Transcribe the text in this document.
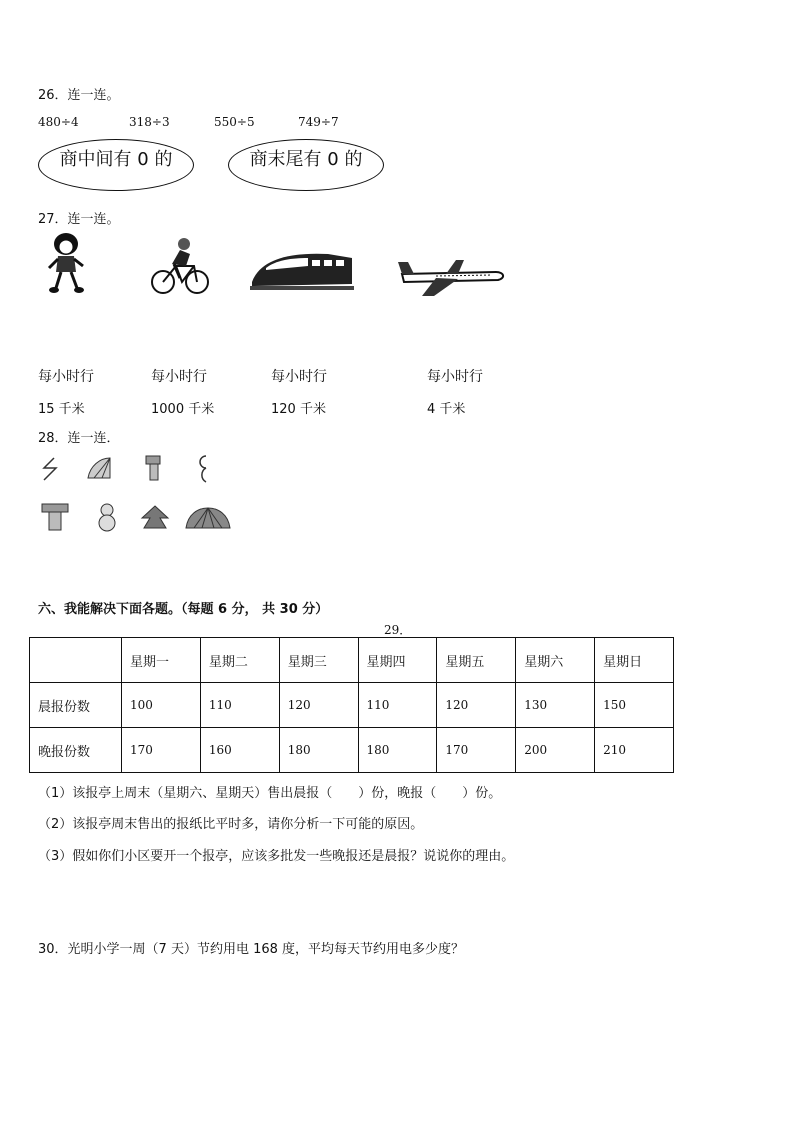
26．连一连。
480÷4	318÷3	550÷5	749÷7
商中间有 0 的	商末尾有 0 的
27．连一连。
每小时行	每小时行	每小时行	每小时行
15 千米	1000 千米	120 千米	4 千米
28．连一连．
六、我能解决下面各题。（每题 6 分， 共 30 分）
29．
	星期一	星期二	星期三	星期四	星期五	星期六	星期日
晨报份数	100	110	120	110	120	130	150
晚报份数	170	160	180	180	170	200	210
（1）该报亭上周末（星期六、星期天）售出晨报（　　）份，晚报（　　）份。
（2）该报亭周末售出的报纸比平时多，请你分析一下可能的原因。
（3）假如你们小区要开一个报亭，应该多批发一些晚报还是晨报？说说你的理由。
30．光明小学一周（7 天）节约用电 168 度，平均每天节约用电多少度？
